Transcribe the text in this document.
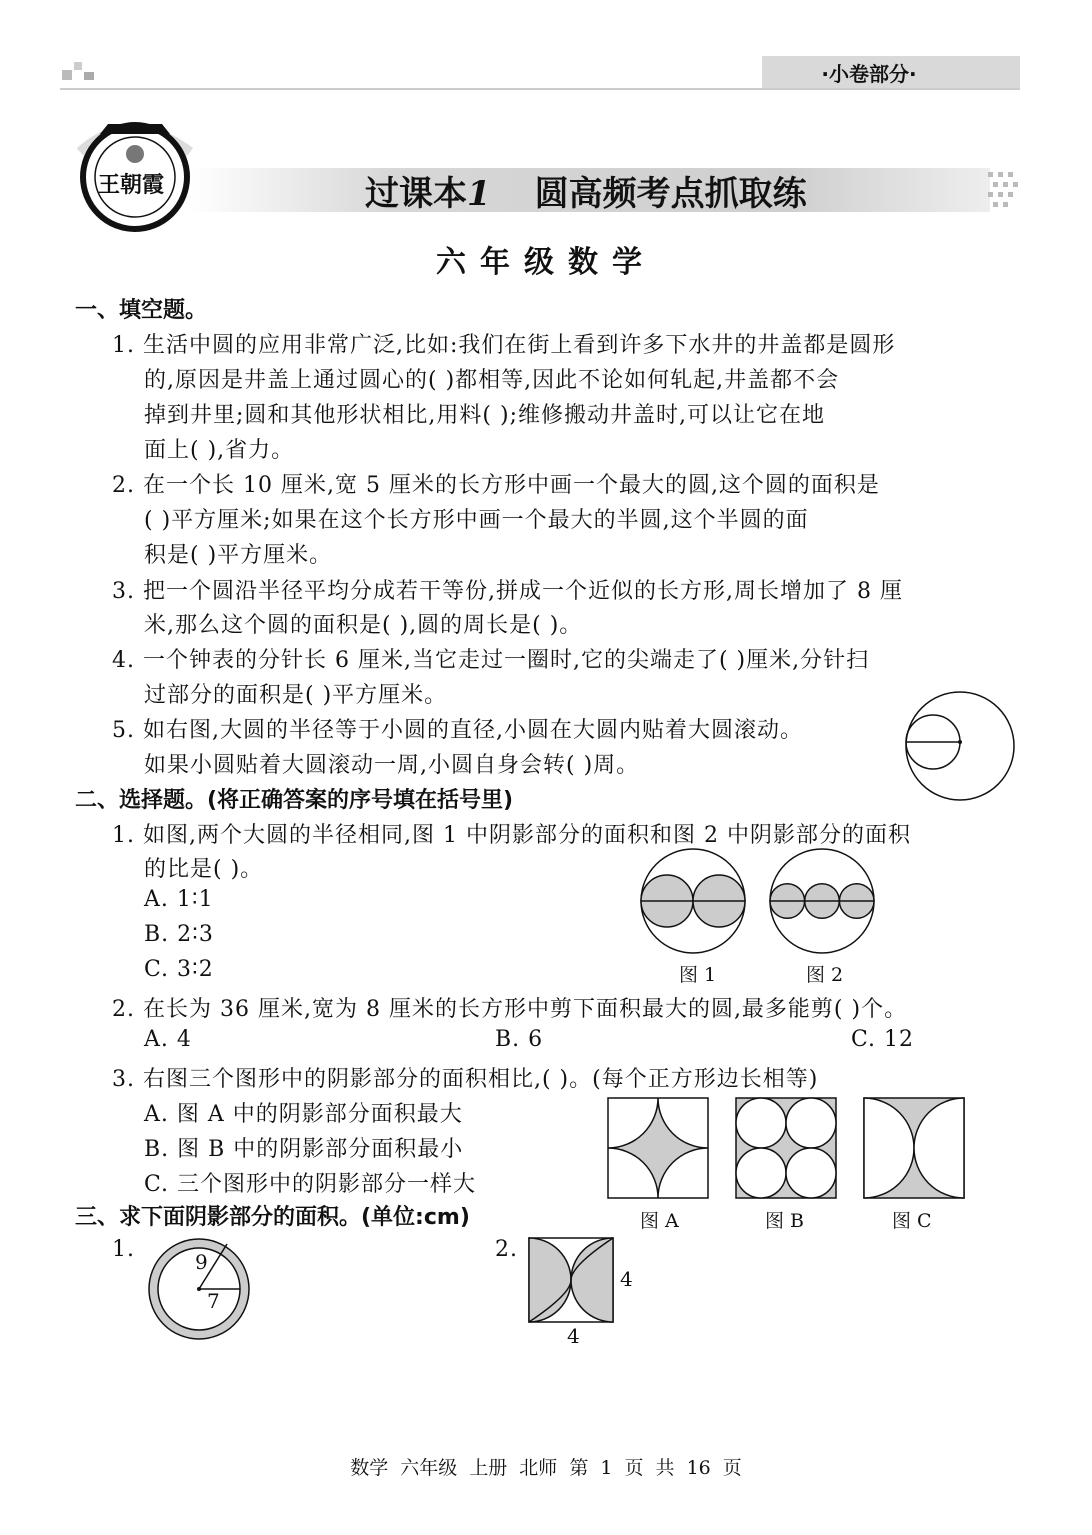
·小卷部分·
王朝霞	过课本1 圆高频考点抓取练
六年级数学
一、填空题。
1. 生活中圆的应用非常广泛,比如:我们在街上看到许多下水井的井盖都是圆形
的,原因是井盖上通过圆心的( )都相等,因此不论如何轧起,井盖都不会
掉到井里;圆和其他形状相比,用料( );维修搬动井盖时,可以让它在地
面上( ),省力。
2. 在一个长 10 厘米,宽 5 厘米的长方形中画一个最大的圆,这个圆的面积是
( )平方厘米;如果在这个长方形中画一个最大的半圆,这个半圆的面
积是( )平方厘米。
3. 把一个圆沿半径平均分成若干等份,拼成一个近似的长方形,周长增加了 8 厘
米,那么这个圆的面积是( ),圆的周长是( )。
4. 一个钟表的分针长 6 厘米,当它走过一圈时,它的尖端走了( )厘米,分针扫
过部分的面积是( )平方厘米。
5. 如右图,大圆的半径等于小圆的直径,小圆在大圆内贴着大圆滚动。
如果小圆贴着大圆滚动一周,小圆自身会转( )周。
二、选择题。(将正确答案的序号填在括号里)
1. 如图,两个大圆的半径相同,图 1 中阴影部分的面积和图 2 中阴影部分的面积
的比是( )。
A. 1∶1
B. 2∶3
C. 3∶2	图 1	图 2
2. 在长为 36 厘米,宽为 8 厘米的长方形中剪下面积最大的圆,最多能剪( )个。
A. 4	B. 6	C. 12
3. 右图三个图形中的阴影部分的面积相比,( )。(每个正方形边长相等)
A. 图 A 中的阴影部分面积最大
B. 图 B 中的阴影部分面积最小
C. 三个图形中的阴影部分一样大
图 A	图 B	图 C
三、求下面阴影部分的面积。(单位:cm)
1.	9
7
2.
4
4
数学 六年级 上册 北师 第 1 页 共 16 页
